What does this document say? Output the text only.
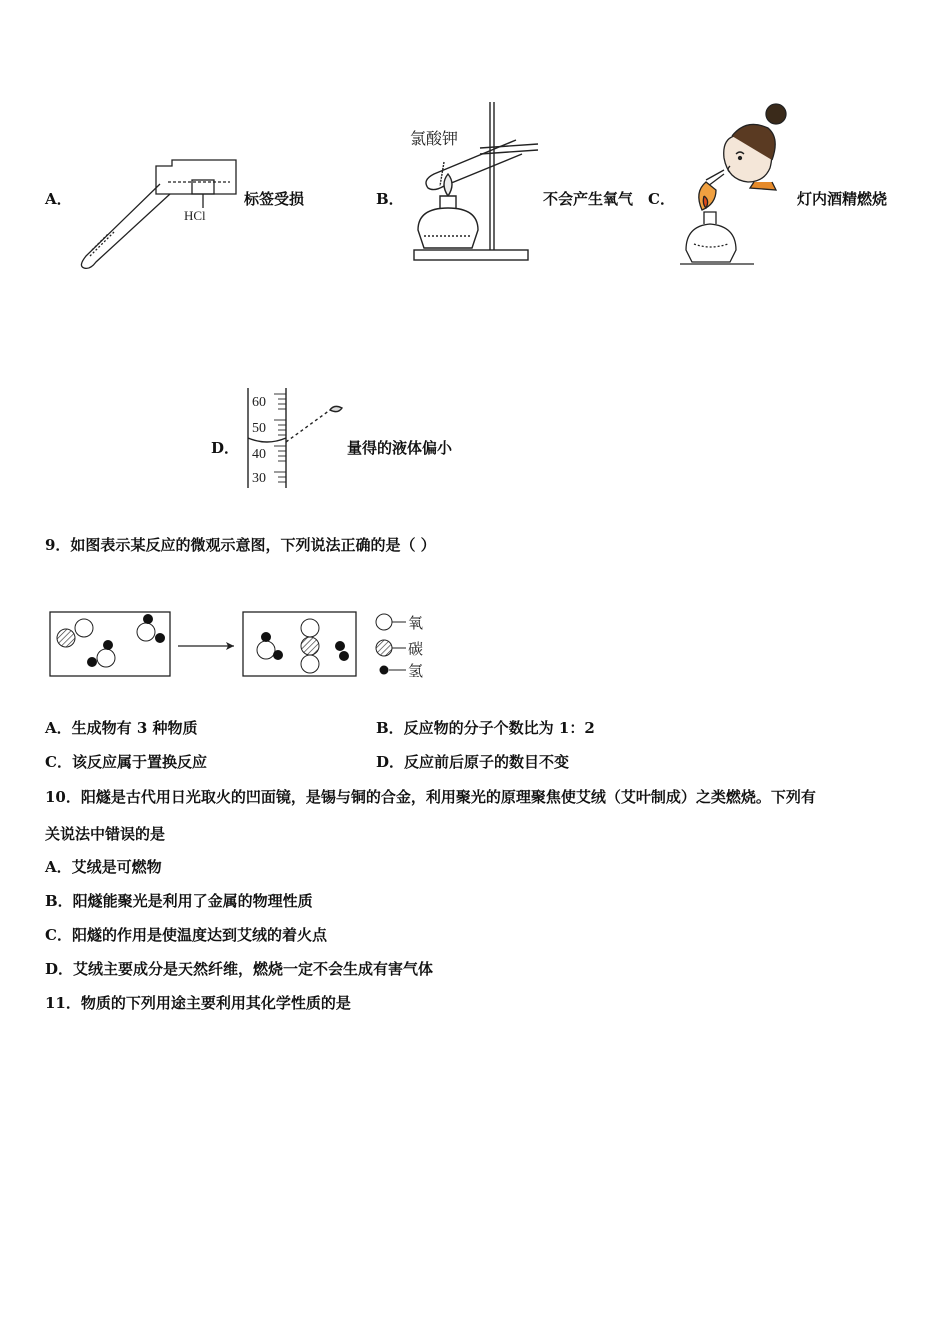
A．
HCl
标签受损	B．
氯酸钾
不会产生氧气 C．	灯内酒精燃烧
D．
60
50
40
30
量得的液体偏小
9．如图表示某反应的微观示意图，下列说法正确的是（ ）
氧
碳
氢
A．生成物有 3 种物质	B．反应物的分子个数比为 1：2
C．该反应属于置换反应	D．反应前后原子的数目不变
10．阳燧是古代用日光取火的凹面镜，是锡与铜的合金，利用聚光的原理聚焦使艾绒（艾叶制成）之类燃烧。下列有
关说法中错误的是
A．艾绒是可燃物
B．阳燧能聚光是利用了金属的物理性质
C．阳燧的作用是使温度达到艾绒的着火点
D．艾绒主要成分是天然纤维，燃烧一定不会生成有害气体
11．物质的下列用途主要利用其化学性质的是
